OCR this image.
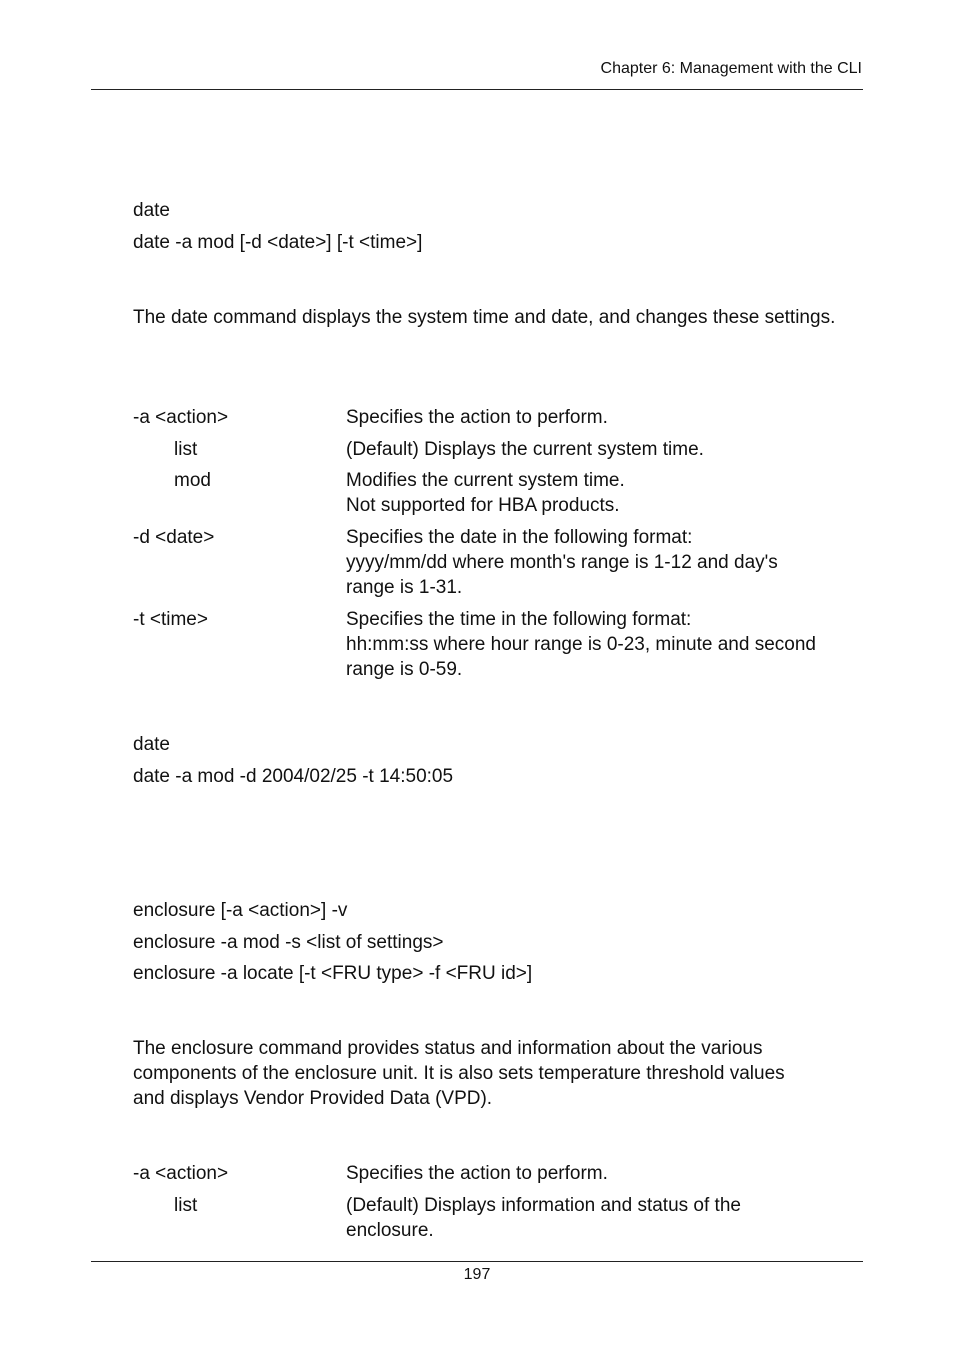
Chapter 6: Management with the CLI
date
date -a mod [-d <date>] [-t <time>]
The date command displays the system time and date, and changes these settings.
-a <action>	Specifies the action to perform.
list	(Default) Displays the current system time.
mod	Modifies the current system time.
Not supported for HBA products.
-d <date>	Specifies the date in the following format:
yyyy/mm/dd where month's range is 1-12 and day's
range is 1-31.
-t <time>	Specifies the time in the following format:
hh:mm:ss where hour range is 0-23, minute and second
range is 0-59.
date
date -a mod -d 2004/02/25 -t 14:50:05
enclosure [-a <action>] -v
enclosure -a mod -s <list of settings>
enclosure -a locate [-t <FRU type> -f <FRU id>]
The enclosure command provides status and information about the various
components of the enclosure unit. It is also sets temperature threshold values
and displays Vendor Provided Data (VPD).
-a <action>	Specifies the action to perform.
list	(Default) Displays information and status of the
enclosure.
197
